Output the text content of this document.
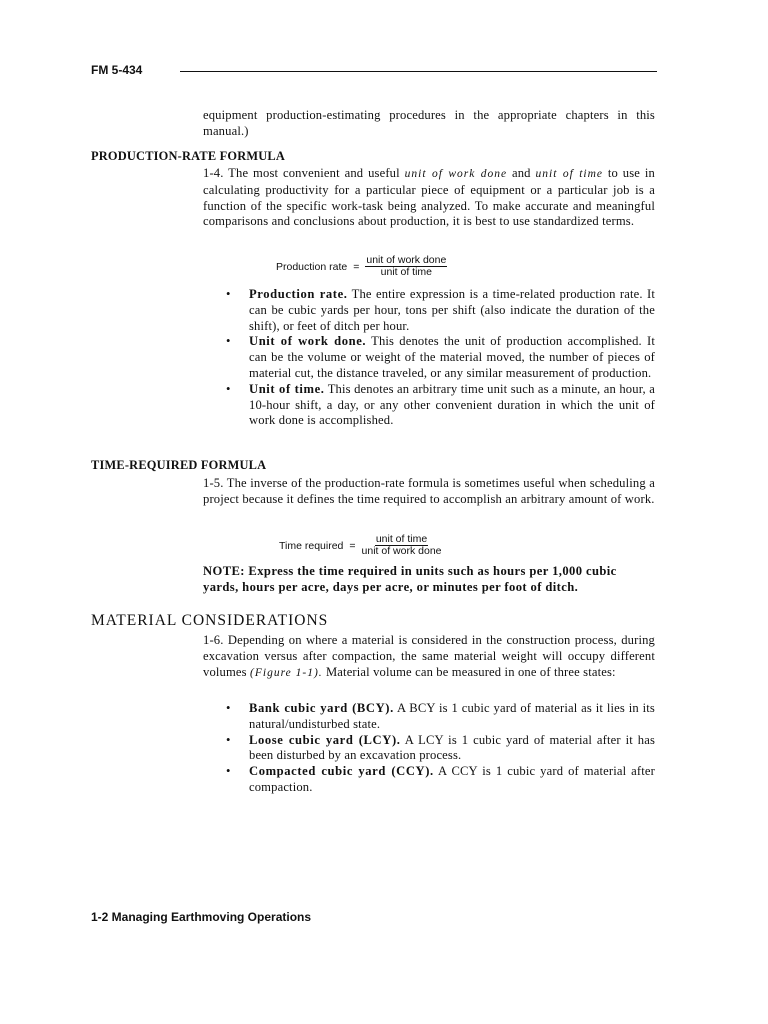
FM 5-434
equipment production-estimating procedures in the appropriate chapters in this manual.)
PRODUCTION-RATE FORMULA
1-4. The most convenient and useful unit of work done and unit of time to use in calculating productivity for a particular piece of equipment or a particular job is a function of the specific work-task being analyzed. To make accurate and meaningful comparisons and conclusions about production, it is best to use standardized terms.
Production rate = $\frac{\text{unit of work done}}{\text{unit of time}}$
• Production rate. The entire expression is a time-related production rate. It can be cubic yards per hour, tons per shift (also indicate the duration of the shift), or feet of ditch per hour.
• Unit of work done. This denotes the unit of production accomplished. It can be the volume or weight of the material moved, the number of pieces of material cut, the distance traveled, or any similar measurement of production.
• Unit of time. This denotes an arbitrary time unit such as a minute, an hour, a 10-hour shift, a day, or any other convenient duration in which the unit of work done is accomplished.
TIME-REQUIRED FORMULA
1-5. The inverse of the production-rate formula is sometimes useful when scheduling a project because it defines the time required to accomplish an arbitrary amount of work.
Time required = $\frac{\text{unit of time}}{\text{unit of work done}}$
NOTE: Express the time required in units such as hours per 1,000 cubic yards, hours per acre, days per acre, or minutes per foot of ditch.
MATERIAL CONSIDERATIONS
1-6. Depending on where a material is considered in the construction process, during excavation versus after compaction, the same material weight will occupy different volumes (Figure 1-1). Material volume can be measured in one of three states:
• Bank cubic yard (BCY). A BCY is 1 cubic yard of material as it lies in its natural/undisturbed state.
• Loose cubic yard (LCY). A LCY is 1 cubic yard of material after it has been disturbed by an excavation process.
• Compacted cubic yard (CCY). A CCY is 1 cubic yard of material after compaction.
1-2 Managing Earthmoving Operations
